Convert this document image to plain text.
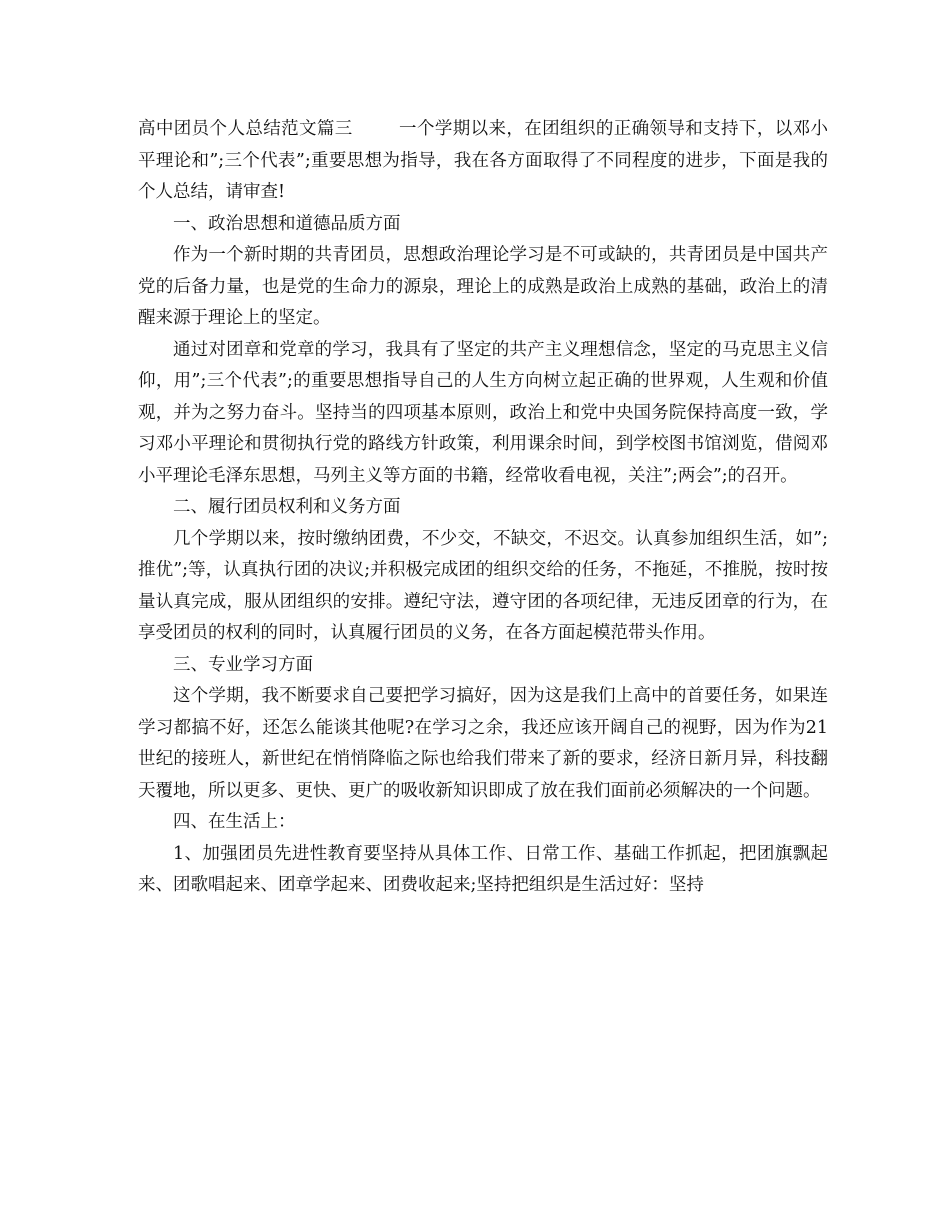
高中团员个人总结范文篇三	一个学期以来，在团组织的正确领导和支持下，以邓小平理论和”;三个代表”;重要思想为指导，我在各方面取得了不同程度的进步，下面是我的个人总结，请审查!

一、政治思想和道德品质方面

作为一个新时期的共青团员，思想政治理论学习是不可或缺的，共青团员是中国共产党的后备力量，也是党的生命力的源泉，理论上的成熟是政治上成熟的基础，政治上的清醒来源于理论上的坚定。

通过对团章和党章的学习，我具有了坚定的共产主义理想信念，坚定的马克思主义信仰，用”;三个代表”;的重要思想指导自己的人生方向树立起正确的世界观，人生观和价值观，并为之努力奋斗。坚持当的四项基本原则，政治上和党中央国务院保持高度一致，学习邓小平理论和贯彻执行党的路线方针政策，利用课余时间，到学校图书馆浏览，借阅邓小平理论毛泽东思想，马列主义等方面的书籍，经常收看电视，关注”;两会”;的召开。

二、履行团员权利和义务方面

几个学期以来，按时缴纳团费，不少交，不缺交，不迟交。认真参加组织生活，如”;推优”;等，认真执行团的决议;并积极完成团的组织交给的任务，不拖延，不推脱，按时按量认真完成，服从团组织的安排。遵纪守法，遵守团的各项纪律，无违反团章的行为，在享受团员的权利的同时，认真履行团员的义务，在各方面起模范带头作用。

三、专业学习方面

这个学期，我不断要求自己要把学习搞好，因为这是我们上高中的首要任务，如果连学习都搞不好，还怎么能谈其他呢?在学习之余，我还应该开阔自己的视野，因为作为21世纪的接班人，新世纪在悄悄降临之际也给我们带来了新的要求，经济日新月异，科技翻天覆地，所以更多、更快、更广的吸收新知识即成了放在我们面前必须解决的一个问题。

四、在生活上：

1、加强团员先进性教育要坚持从具体工作、日常工作、基础工作抓起，把团旗飘起来、团歌唱起来、团章学起来、团费收起来;坚持把组织是生活过好：坚持
